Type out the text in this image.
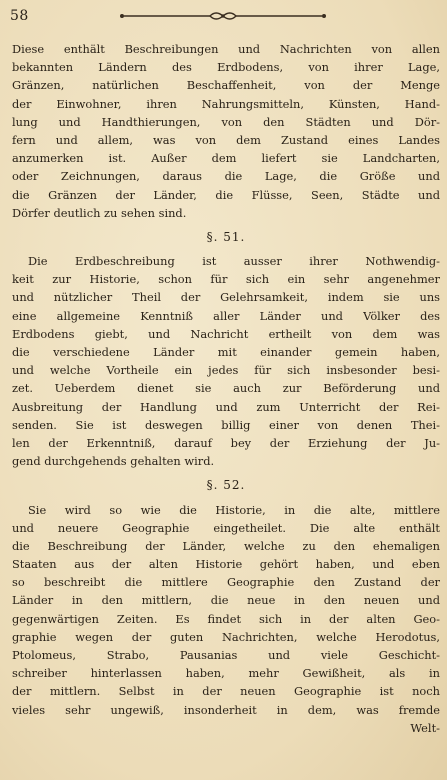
58
Diese enthält Beschreibungen und Nachrichten von allen
bekannten Ländern des Erdbodens, von ihrer Lage,
Gränzen, natürlichen Beschaffenheit, von der Menge
der Einwohner, ihren Nahrungsmitteln, Künsten, Hand-
lung und Handthierungen, von den Städten und Dör-
fern und allem, was von dem Zustand eines Landes
anzumerken ist. Außer dem liefert sie Landcharten,
oder Zeichnungen, daraus die Lage, die Größe und
die Gränzen der Länder, die Flüsse, Seen, Städte und
Dörfer deutlich zu sehen sind.
§. 51.
Die Erdbeschreibung ist ausser ihrer Nothwendig-
keit zur Historie, schon für sich ein sehr angenehmer
und nützlicher Theil der Gelehrsamkeit, indem sie uns
eine allgemeine Kenntniß aller Länder und Völker des
Erdbodens giebt, und Nachricht ertheilt von dem was
die verschiedene Länder mit einander gemein haben,
und welche Vortheile ein jedes für sich insbesonder besi-
zet. Ueberdem dienet sie auch zur Beförderung und
Ausbreitung der Handlung und zum Unterricht der Rei-
senden. Sie ist deswegen billig einer von denen Thei-
len der Erkenntniß, darauf bey der Erziehung der Ju-
gend durchgehends gehalten wird.
§. 52.
Sie wird so wie die Historie, in die alte, mittlere
und neuere Geographie eingetheilet. Die alte enthält
die Beschreibung der Länder, welche zu den ehemaligen
Staaten aus der alten Historie gehört haben, und eben
so beschreibt die mittlere Geographie den Zustand der
Länder in den mittlern, die neue in den neuen und
gegenwärtigen Zeiten. Es findet sich in der alten Geo-
graphie wegen der guten Nachrichten, welche Herodotus,
Ptolomeus, Strabo, Pausanias und viele Geschicht-
schreiber hinterlassen haben, mehr Gewißheit, als in
der mittlern. Selbst in der neuen Geographie ist noch
vieles sehr ungewiß, insonderheit in dem, was fremde
Welt-
